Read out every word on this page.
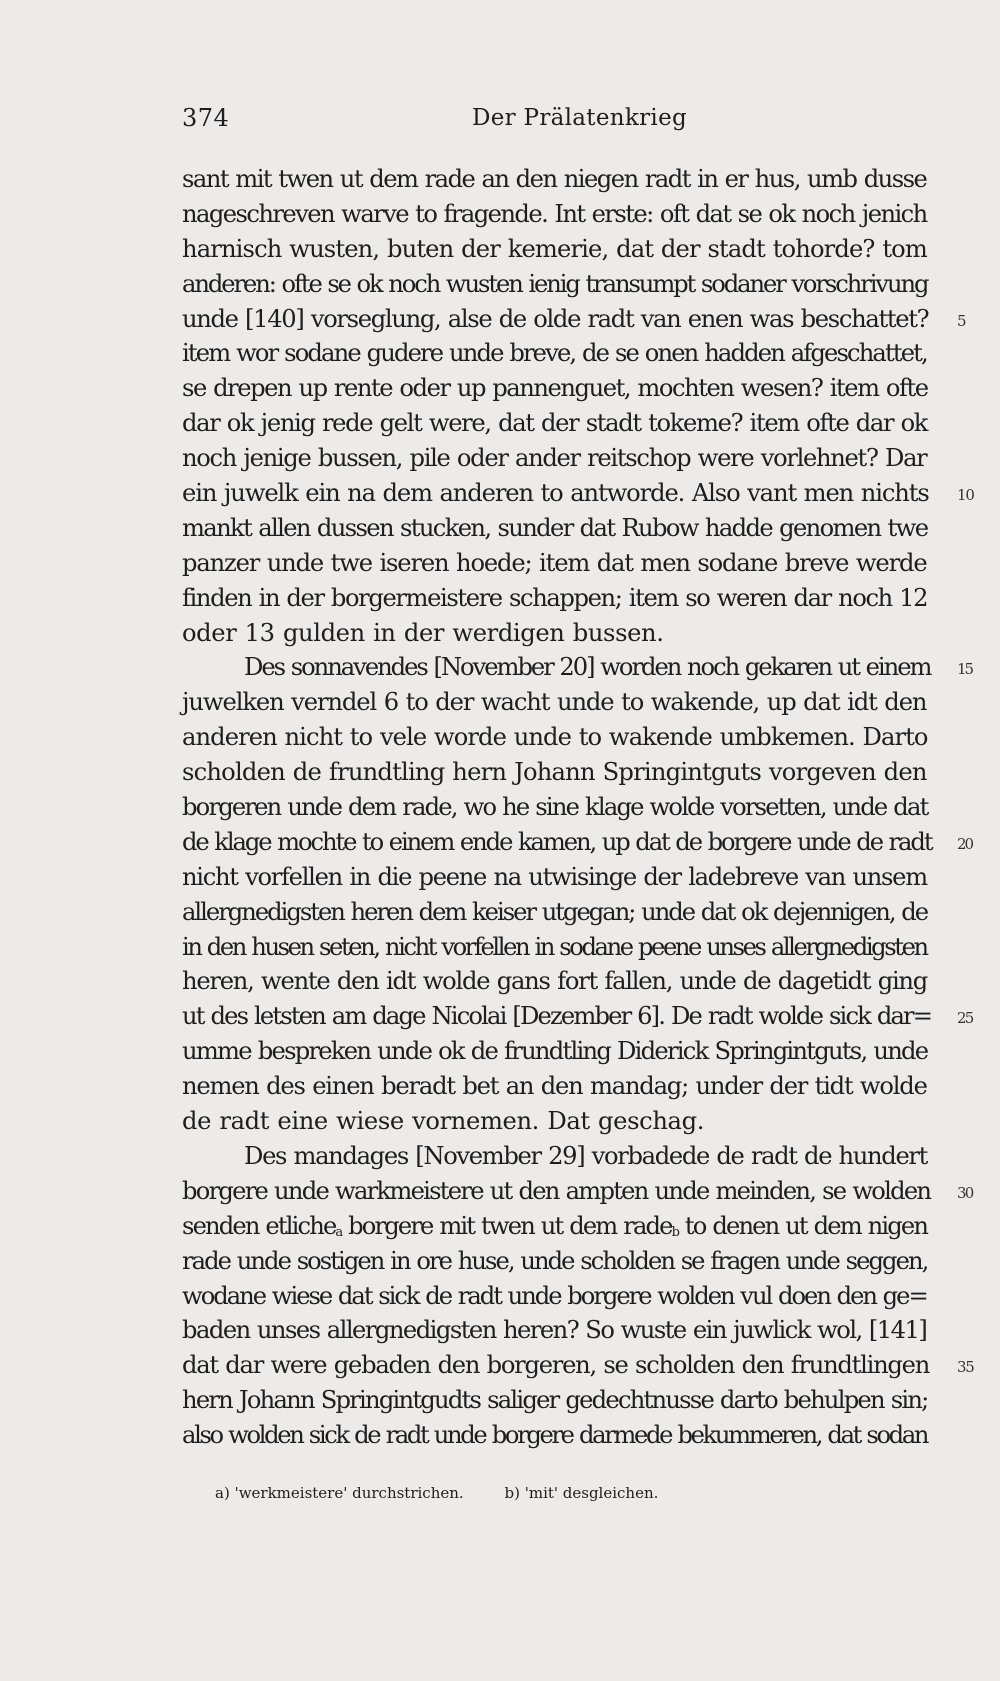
374	Der Prälatenkrieg
sant mit twen ut dem rade an den niegen radt in er hus, umb dusse
nageschreven warve to fragende. Int erste: oft dat se ok noch jenich
harnisch wusten, buten der kemerie, dat der stadt tohorde? tom
anderen: ofte se ok noch wusten ienig transumpt sodaner vorschrivung
unde [140] vorseglung, alse de olde radt van enen was beschattet? 5
item wor sodane gudere unde breve, de se onen hadden afgeschattet,
se drepen up rente oder up pannenguet, mochten wesen? item ofte
dar ok jenig rede gelt were, dat der stadt tokeme? item ofte dar ok
noch jenige bussen, pile oder ander reitschop were vorlehnet? Dar
ein juwelk ein na dem anderen to antworde. Also vant men nichts 10
mankt allen dussen stucken, sunder dat Rubow hadde genomen twe
panzer unde twe iseren hoede; item dat men sodane breve werde
finden in der borgermeistere schappen; item so weren dar noch 12
oder 13 gulden in der werdigen bussen.
Des sonnavendes [November 20] worden noch gekaren ut einem 15
juwelken verndel 6 to der wacht unde to wakende, up dat idt den
anderen nicht to vele worde unde to wakende umbkemen. Darto
scholden de frundtling hern Johann Springintguts vorgeven den
borgeren unde dem rade, wo he sine klage wolde vorsetten, unde dat
de klage mochte to einem ende kamen, up dat de borgere unde de radt 20
nicht vorfellen in die peene na utwisinge der ladebreve van unsem
allergnedigsten heren dem keiser utgegan; unde dat ok dejennigen, de
in den husen seten, nicht vorfellen in sodane peene unses allergnedigsten
heren, wente den idt wolde gans fort fallen, unde de dagetidt ging
ut des letsten am dage Nicolai [Dezember 6]. De radt wolde sick dar= 25
umme bespreken unde ok de frundtling Diderick Springintguts, unde
nemen des einen beradt bet an den mandag; under der tidt wolde
de radt eine wiese vornemen. Dat geschag.
Des mandages [November 29] vorbadede de radt de hundert
borgere unde warkmeistere ut den ampten unde meinden, se wolden 30
senden etlichea borgere mit twen ut dem radeb to denen ut dem nigen
rade unde sostigen in ore huse, unde scholden se fragen unde seggen,
wodane wiese dat sick de radt unde borgere wolden vul doen den ge=
baden unses allergnedigsten heren? So wuste ein juwlick wol, [141]
dat dar were gebaden den borgeren, se scholden den frundtlingen 35
hern Johann Springintgudts saliger gedechtnusse darto behulpen sin;
also wolden sick de radt unde borgere darmede bekummeren, dat sodan
a) 'werkmeistere' durchstrichen.	b) 'mit' desgleichen.
